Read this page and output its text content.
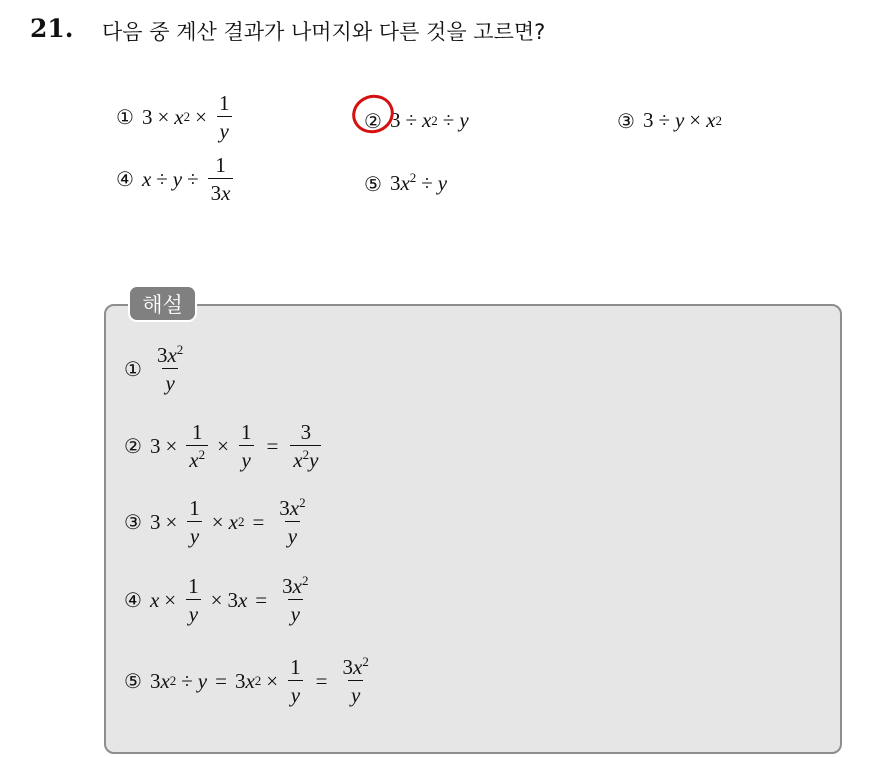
21. 다음 중 계산 결과가 나머지와 다른 것을 고르면?
① 3 × x $2 \times \frac{1}{y}$	② 3 ÷ x 2 ÷ y	③ 3 ÷ y × x 2
④ $x \div y \div \frac{1}{3x}$	⑤ $3x^2 \div y$
해설
① $\frac{3x^2}{y}$
② $3 \times \frac{1}{x^2} \times \frac{1}{y} = \frac{3}{x^2y}$
③ $3 \times \frac{1}{y} \times x$ $2 = \frac{3x^2}{y}$
④ $x \times \frac{1}{y} \times 3$ $x = \frac{3x^2}{y}$
⑤ 3 x 2 ÷ y = 3 x $2 \times \frac{1}{y} = \frac{3x^2}{y}$
